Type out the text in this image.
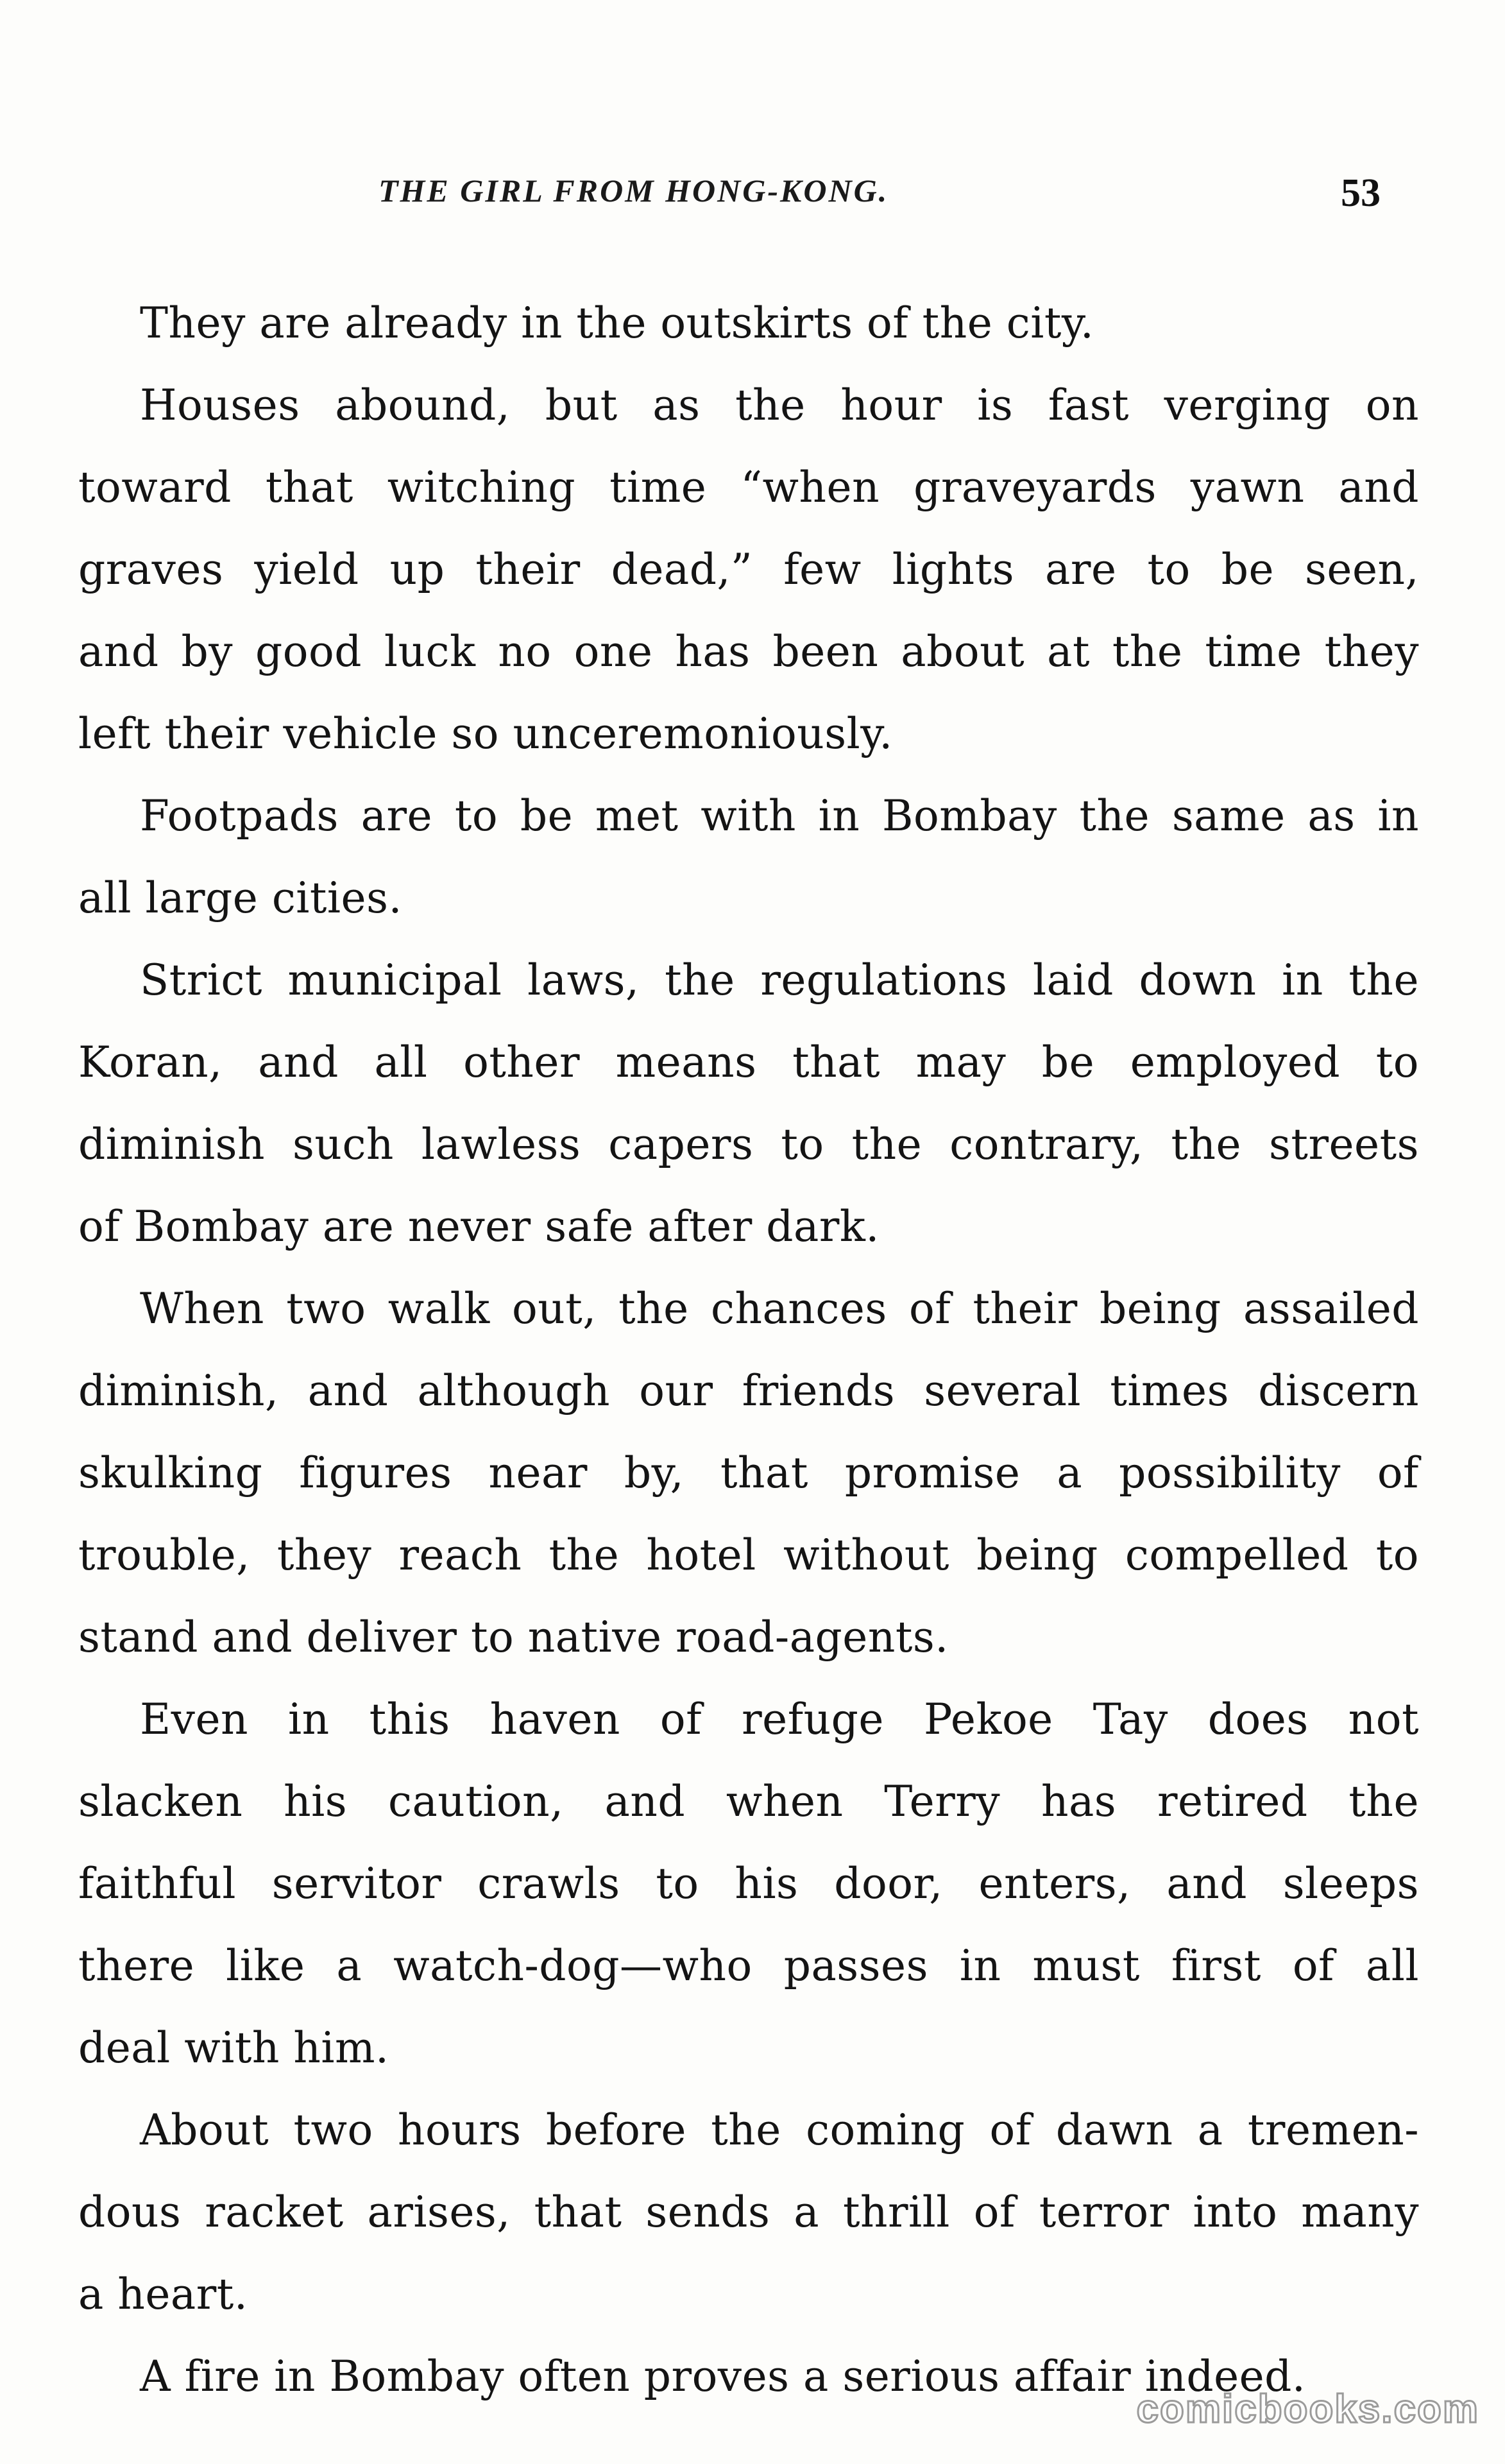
THE GIRL FROM HONG-KONG.	53
They are already in the outskirts of the city.
Houses abound, but as the hour is fast verging on
toward that witching time “when graveyards yawn and
graves yield up their dead,” few lights are to be seen,
and by good luck no one has been about at the time they
left their vehicle so unceremoniously.
Footpads are to be met with in Bombay the same as in
all large cities.
Strict municipal laws, the regulations laid down in the
Koran, and all other means that may be employed to
diminish such lawless capers to the contrary, the streets
of Bombay are never safe after dark.
When two walk out, the chances of their being assailed
diminish, and although our friends several times discern
skulking figures near by, that promise a possibility of
trouble, they reach the hotel without being compelled to
stand and deliver to native road-agents.
Even in this haven of refuge Pekoe Tay does not
slacken his caution, and when Terry has retired the
faithful servitor crawls to his door, enters, and sleeps
there like a watch-dog—who passes in must first of all
deal with him.
About two hours before the coming of dawn a tremen-
dous racket arises, that sends a thrill of terror into many
a heart.
A fire in Bombay often proves a serious affair indeed.
comicbooks.com
